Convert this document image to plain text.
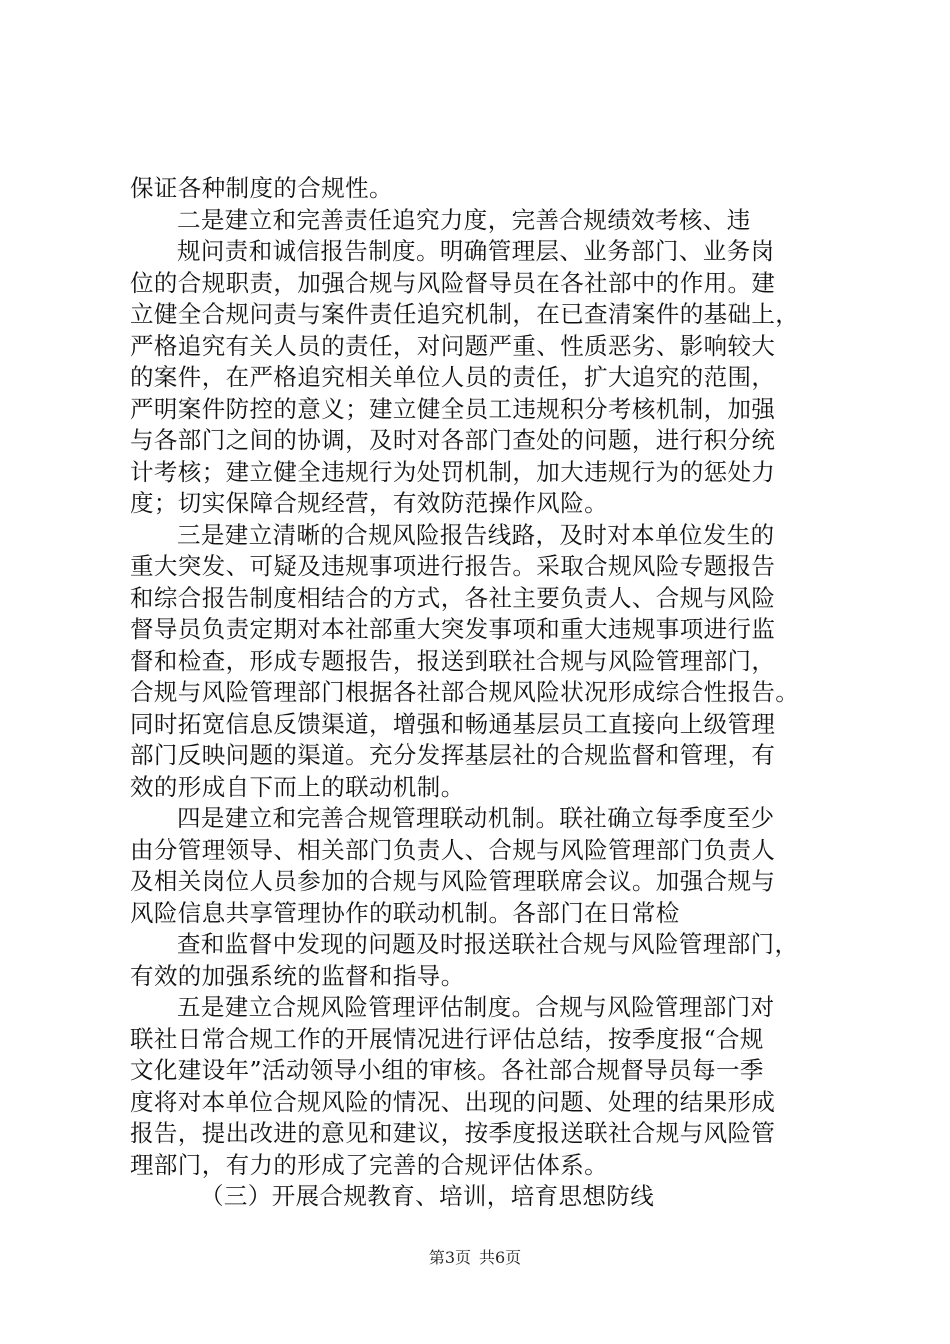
保证各种制度的合规性。
二是建立和完善责任追究力度，完善合规绩效考核、违
规问责和诚信报告制度。明确管理层、业务部门、业务岗
位的合规职责，加强合规与风险督导员在各社部中的作用。建
立健全合规问责与案件责任追究机制，在已查清案件的基础上，
严格追究有关人员的责任，对问题严重、性质恶劣、影响较大
的案件，在严格追究相关单位人员的责任，扩大追究的范围，
严明案件防控的意义；建立健全员工违规积分考核机制，加强
与各部门之间的协调，及时对各部门查处的问题，进行积分统
计考核；建立健全违规行为处罚机制，加大违规行为的惩处力
度；切实保障合规经营，有效防范操作风险。
三是建立清晰的合规风险报告线路，及时对本单位发生的
重大突发、可疑及违规事项进行报告。采取合规风险专题报告
和综合报告制度相结合的方式，各社主要负责人、合规与风险
督导员负责定期对本社部重大突发事项和重大违规事项进行监
督和检查，形成专题报告，报送到联社合规与风险管理部门，
合规与风险管理部门根据各社部合规风险状况形成综合性报告。
同时拓宽信息反馈渠道，增强和畅通基层员工直接向上级管理
部门反映问题的渠道。充分发挥基层社的合规监督和管理，有
效的形成自下而上的联动机制。
四是建立和完善合规管理联动机制。联社确立每季度至少
由分管理领导、相关部门负责人、合规与风险管理部门负责人
及相关岗位人员参加的合规与风险管理联席会议。加强合规与
风险信息共享管理协作的联动机制。各部门在日常检
查和监督中发现的问题及时报送联社合规与风险管理部门，
有效的加强系统的监督和指导。
五是建立合规风险管理评估制度。合规与风险管理部门对
联社日常合规工作的开展情况进行评估总结，按季度报“合规
文化建设年”活动领导小组的审核。各社部合规督导员每一季
度将对本单位合规风险的情况、出现的问题、处理的结果形成
报告，提出改进的意见和建议，按季度报送联社合规与风险管
理部门，有力的形成了完善的合规评估体系。
（三）开展合规教育、培训，培育思想防线
第3页 共6页
